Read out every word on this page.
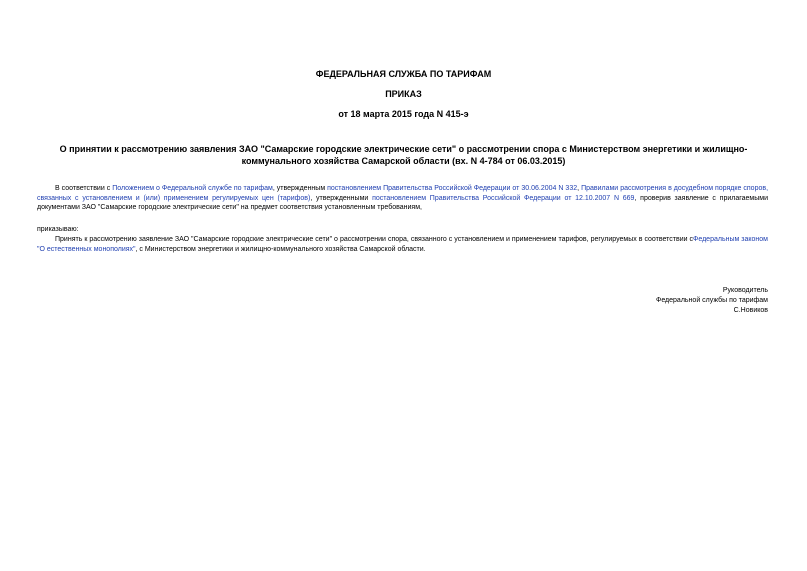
ФЕДЕРАЛЬНАЯ СЛУЖБА ПО ТАРИФАМ
ПРИКАЗ
от 18 марта 2015 года N 415-э
О принятии к рассмотрению заявления ЗАО "Самарские городские электрические сети" о рассмотрении спора с Министерством энергетики и жилищно-коммунального хозяйства Самарской области (вх. N 4-784 от 06.03.2015)

В соответствии с Положением о Федеральной службе по тарифам, утвержденным постановлением Правительства Российской Федерации от 30.06.2004 N 332, Правилами рассмотрения в досудебном порядке споров, связанных с установлением и (или) применением регулируемых цен (тарифов), утвержденными постановлением Правительства Российской Федерации от 12.10.2007 N 669, проверив заявление с прилагаемыми документами ЗАО "Самарские городские электрические сети" на предмет соответствия установленным требованиям,

приказываю:

Принять к рассмотрению заявление ЗАО "Самарские городские электрические сети" о рассмотрении спора, связанного с установлением и применением тарифов, регулируемых в соответствии сФедеральным законом "О естественных монополиях", с Министерством энергетики и жилищно-коммунального хозяйства Самарской области.

Руководитель
Федеральной службы по тарифам
С.Новиков
